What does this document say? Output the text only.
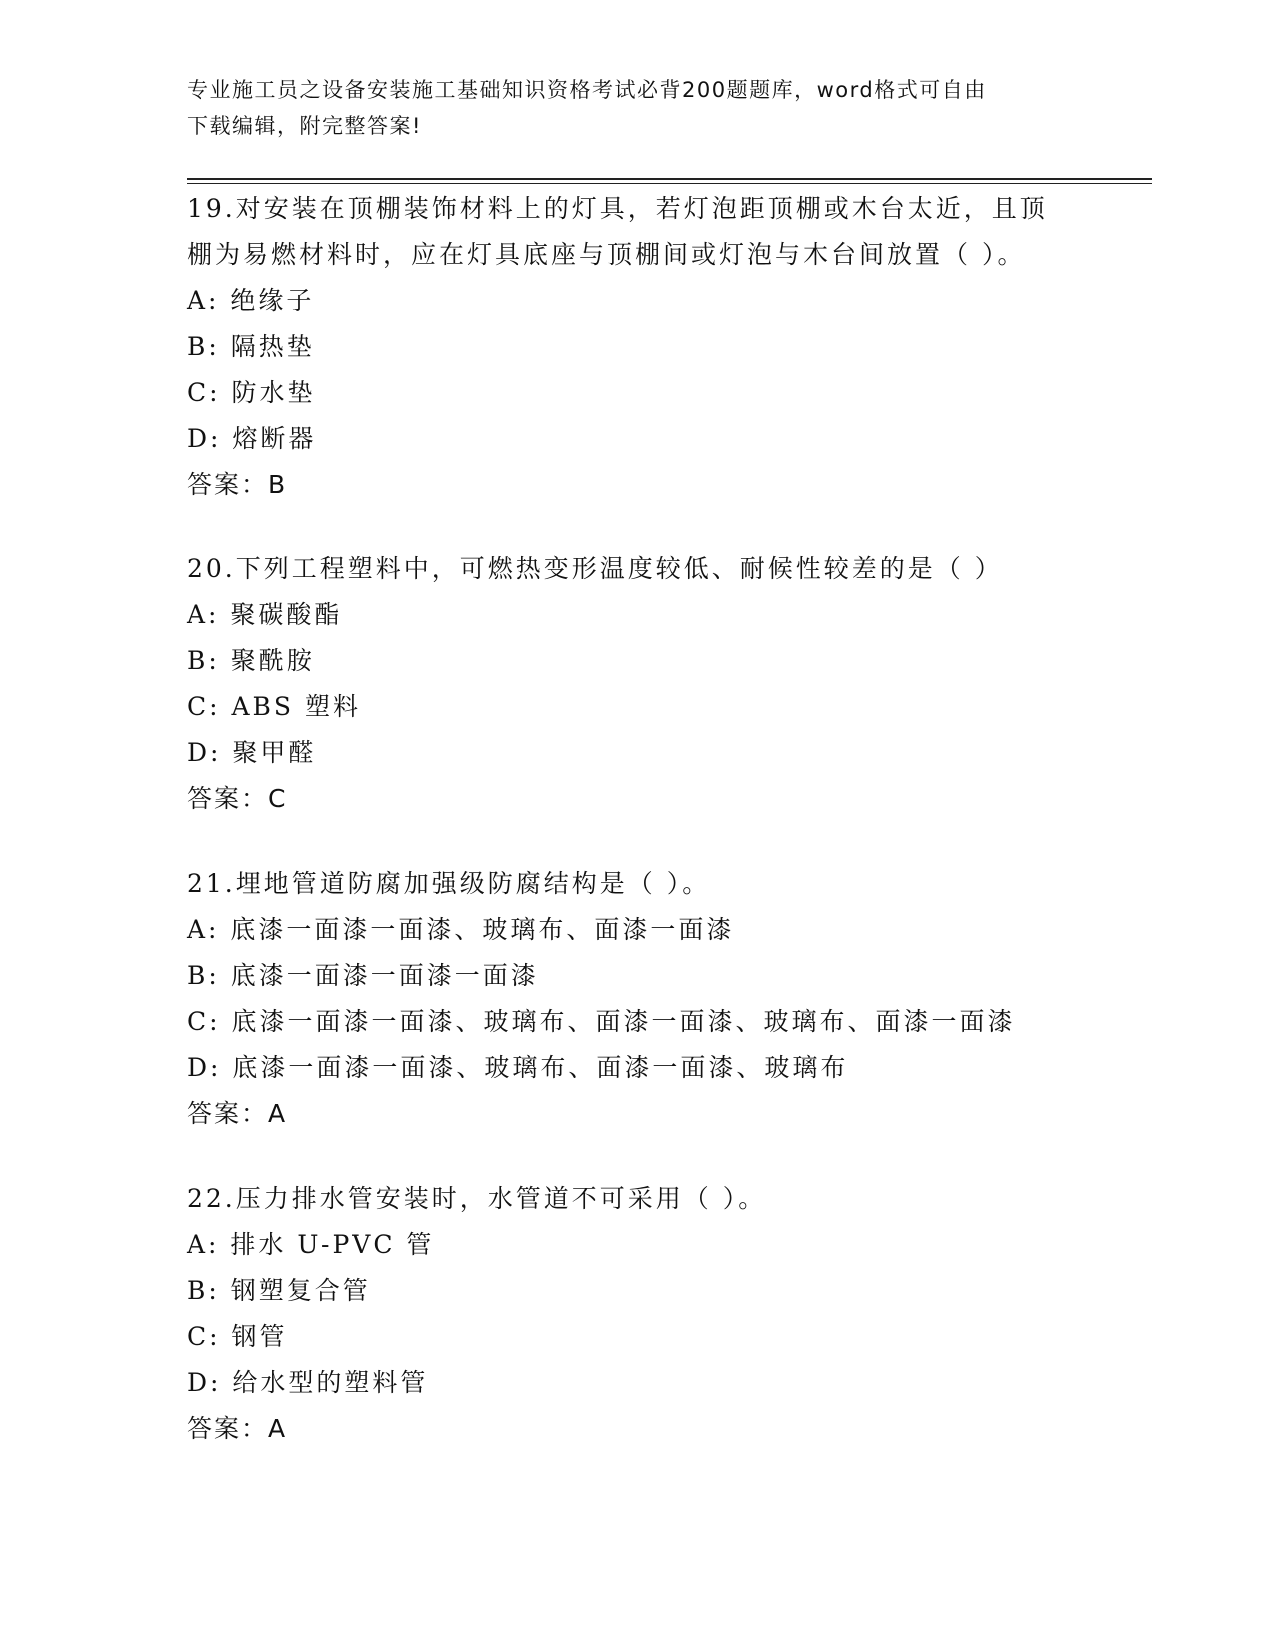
专业施工员之设备安装施工基础知识资格考试必背200题题库，word格式可自由
下载编辑，附完整答案!

19.对安装在顶棚装饰材料上的灯具，若灯泡距顶棚或木台太近，且顶

棚为易燃材料时，应在灯具底座与顶棚间或灯泡与木台间放置（ ）。

A: 绝缘子

B: 隔热垫

C: 防水垫

D: 熔断器

答案：B

20.下列工程塑料中，可燃热变形温度较低、耐候性较差的是（ ）

A: 聚碳酸酯

B: 聚酰胺

C: ABS 塑料

D: 聚甲醛

答案：C

21.埋地管道防腐加强级防腐结构是（ ）。

A: 底漆一面漆一面漆、玻璃布、面漆一面漆

B: 底漆一面漆一面漆一面漆

C: 底漆一面漆一面漆、玻璃布、面漆一面漆、玻璃布、面漆一面漆

D: 底漆一面漆一面漆、玻璃布、面漆一面漆、玻璃布

答案：A

22.压力排水管安装时，水管道不可采用（ ）。

A: 排水 U-PVC 管

B: 钢塑复合管

C: 钢管

D: 给水型的塑料管

答案：A
